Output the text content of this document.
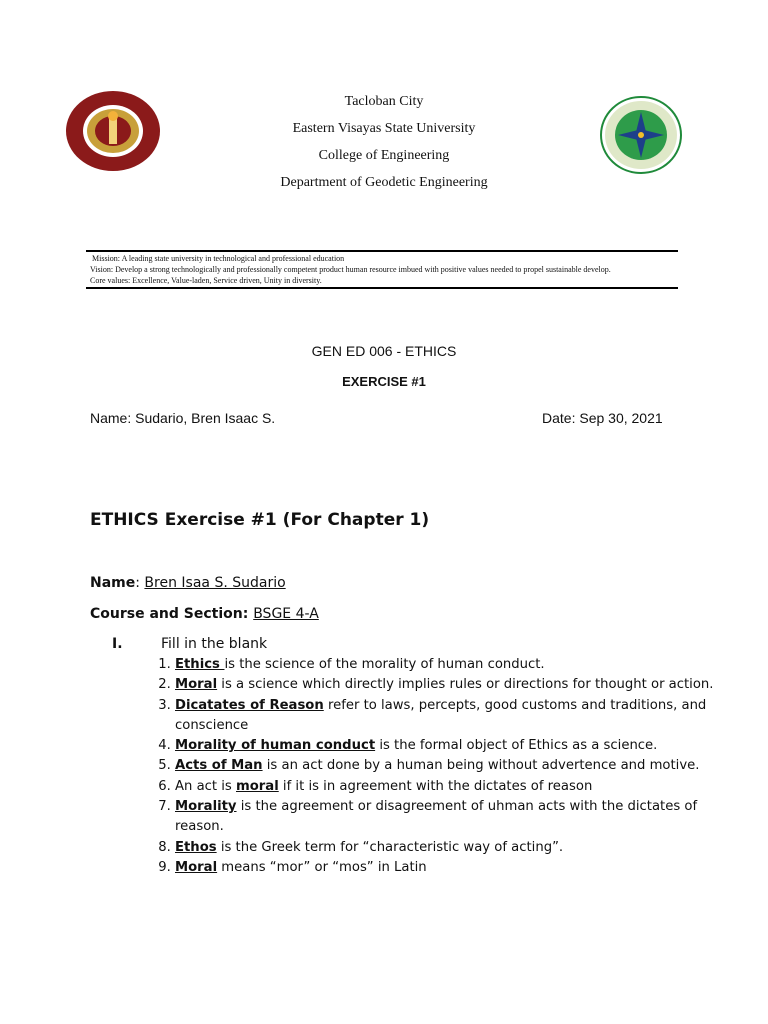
Tacloban City
Eastern Visayas State University
College of Engineering
Department of Geodetic Engineering
Mission: A leading state university in technological and professional education
Vision: Develop a strong technologically and professionally competent product human resource imbued with positive values needed to propel sustainable develop.
Core values: Excellence, Value-laden, Service driven, Unity in diversity.
GEN ED 006 - ETHICS
EXERCISE #1
Name: Sudario, Bren Isaac S.	Date: Sep 30, 2021
ETHICS Exercise #1 (For Chapter 1)
Name: Bren Isaa S. Sudario
Course and Section: BSGE 4-A
I.	Fill in the blank
1. Ethics is the science of the morality of human conduct.
2. Moral is a science which directly implies rules or directions for thought or action.
3. Dicatates of Reason refer to laws, percepts, good customs and traditions, and conscience
4. Morality of human conduct is the formal object of Ethics as a science.
5. Acts of Man is an act done by a human being without advertence and motive.
6. An act is moral if it is in agreement with the dictates of reason
7. Morality is the agreement or disagreement of uhman acts with the dictates of reason.
8. Ethos is the Greek term for “characteristic way of acting”.
9. Moral means “mor” or “mos” in Latin
